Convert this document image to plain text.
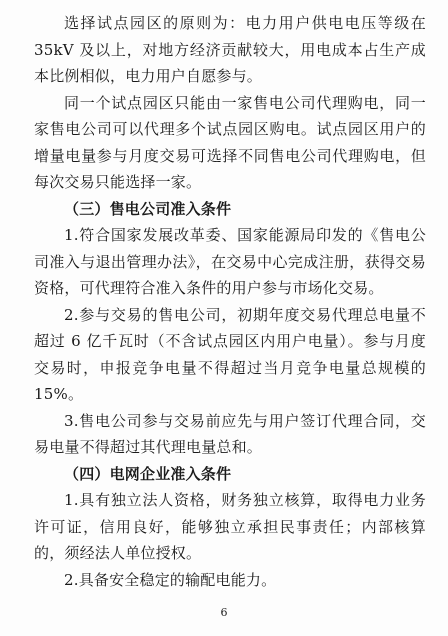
选择试点园区的原则为：电力用户供电电压等级在 35kV 及以上，对地方经济贡献较大，用电成本占生产成本比例相似，电力用户自愿参与。

同一个试点园区只能由一家售电公司代理购电，同一家售电公司可以代理多个试点园区购电。试点园区用户的增量电量参与月度交易可选择不同售电公司代理购电，但每次交易只能选择一家。

（三）售电公司准入条件

1.符合国家发展改革委、国家能源局印发的《售电公司准入与退出管理办法》，在交易中心完成注册，获得交易资格，可代理符合准入条件的用户参与市场化交易。

2.参与交易的售电公司，初期年度交易代理总电量不超过 6 亿千瓦时（不含试点园区内用户电量）。参与月度交易时，申报竞争电量不得超过当月竞争电量总规模的 15%。

3.售电公司参与交易前应先与用户签订代理合同，交易电量不得超过其代理电量总和。

（四）电网企业准入条件

1.具有独立法人资格，财务独立核算，取得电力业务许可证，信用良好，能够独立承担民事责任；内部核算的，须经法人单位授权。

2.具备安全稳定的输配电能力。

6
